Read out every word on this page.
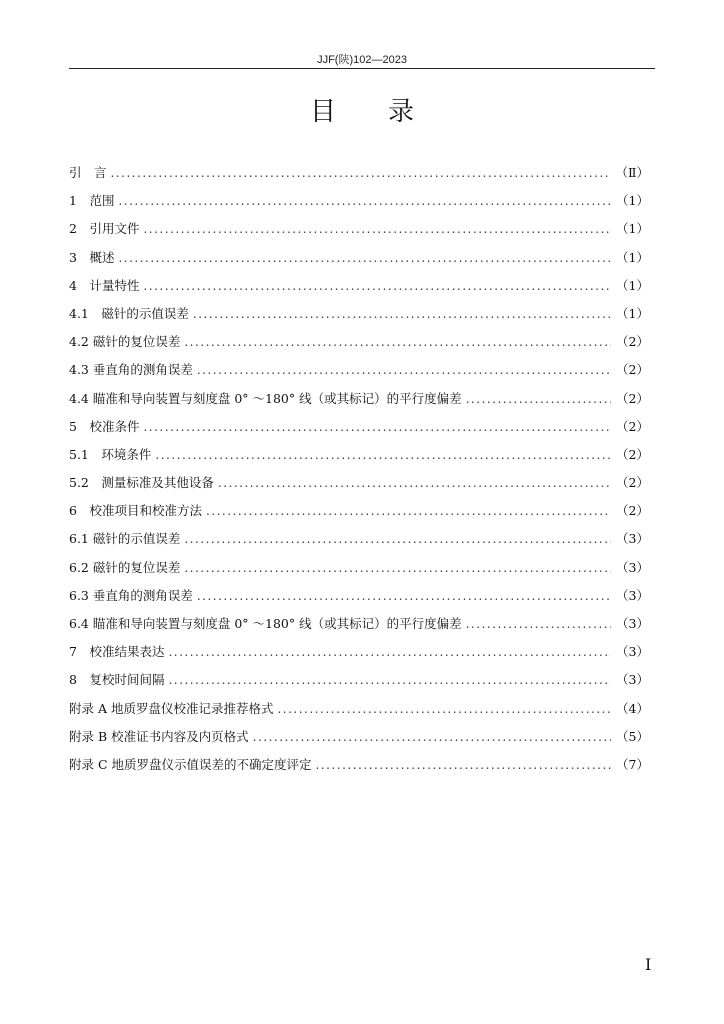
JJF(陕)102—2023
目录
引　言 .....	（Ⅱ）
1　范围 .....	（1）
2　引用文件 .....	（1）
3　概述 .....	（1）
4　计量特性 .....	（1）
4.1　磁针的示值误差 .....	（1）
4.2 磁针的复位误差 .....	（2）
4.3 垂直角的测角误差 .....	（2）
4.4 瞄准和导向装置与刻度盘 0° ～180° 线（或其标记）的平行度偏差 .....	（2）
5　校准条件 .....	（2）
5.1　环境条件 .....	（2）
5.2　测量标准及其他设备 .....	（2）
6　校准项目和校准方法 .....	（2）
6.1 磁针的示值误差 .....	（3）
6.2 磁针的复位误差 .....	（3）
6.3 垂直角的测角误差 .....	（3）
6.4 瞄准和导向装置与刻度盘 0° ～180° 线（或其标记）的平行度偏差 .....	（3）
7　校准结果表达 .....	（3）
8　复校时间间隔 .....	（3）
附录 A 地质罗盘仪校准记录推荐格式 .....	（4）
附录 B 校准证书内容及内页格式 .....	（5）
附录 C 地质罗盘仪示值误差的不确定度评定 .....	（7）
I
